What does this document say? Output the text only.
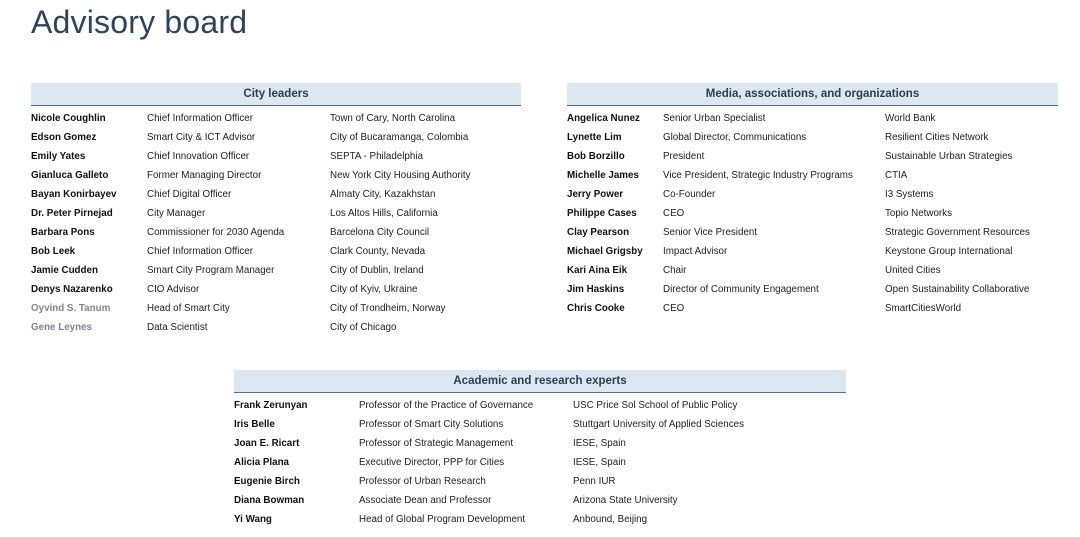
Advisory board
City leaders
Nicole Coughlin	Chief Information Officer	Town of Cary, North Carolina
Edson Gomez	Smart City & ICT Advisor	City of Bucaramanga, Colombia
Emily Yates	Chief Innovation Officer	SEPTA - Philadelphia
Gianluca Galleto	Former Managing Director	New York City Housing Authority
Bayan Konirbayev	Chief Digital Officer	Almaty City, Kazakhstan
Dr. Peter Pirnejad	City Manager	Los Altos Hills, California
Barbara Pons	Commissioner for 2030 Agenda	Barcelona City Council
Bob Leek	Chief Information Officer	Clark County, Nevada
Jamie Cudden	Smart City Program Manager	City of Dublin, Ireland
Denys Nazarenko	CIO Advisor	City of Kyiv, Ukraine
Oyvind S. Tanum	Head of Smart City	City of Trondheim, Norway
Gene Leynes	Data Scientist	City of Chicago
Media, associations, and organizations
Angelica Nunez	Senior Urban Specialist	World Bank
Lynette Lim	Global Director, Communications	Resilient Cities Network
Bob Borzillo	President	Sustainable Urban Strategies
Michelle James	Vice President, Strategic Industry Programs	CTIA
Jerry Power	Co-Founder	I3 Systems
Philippe Cases	CEO	Topio Networks
Clay Pearson	Senior Vice President	Strategic Government Resources
Michael Grigsby	Impact Advisor	Keystone Group International
Kari Aina Eik	Chair	United Cities
Jim Haskins	Director of Community Engagement	Open Sustainability Collaborative
Chris Cooke	CEO	SmartCitiesWorld
Academic and research experts
Frank Zerunyan	Professor of the Practice of Governance	USC Price Sol School of Public Policy
Iris Belle	Professor of Smart City Solutions	Stuttgart University of Applied Sciences
Joan E. Ricart	Professor of Strategic Management	IESE, Spain
Alicia Plana	Executive Director, PPP for Cities	IESE, Spain
Eugenie Birch	Professor of Urban Research	Penn IUR
Diana Bowman	Associate Dean and Professor	Arizona State University
Yi Wang	Head of Global Program Development	Anbound, Beijing
